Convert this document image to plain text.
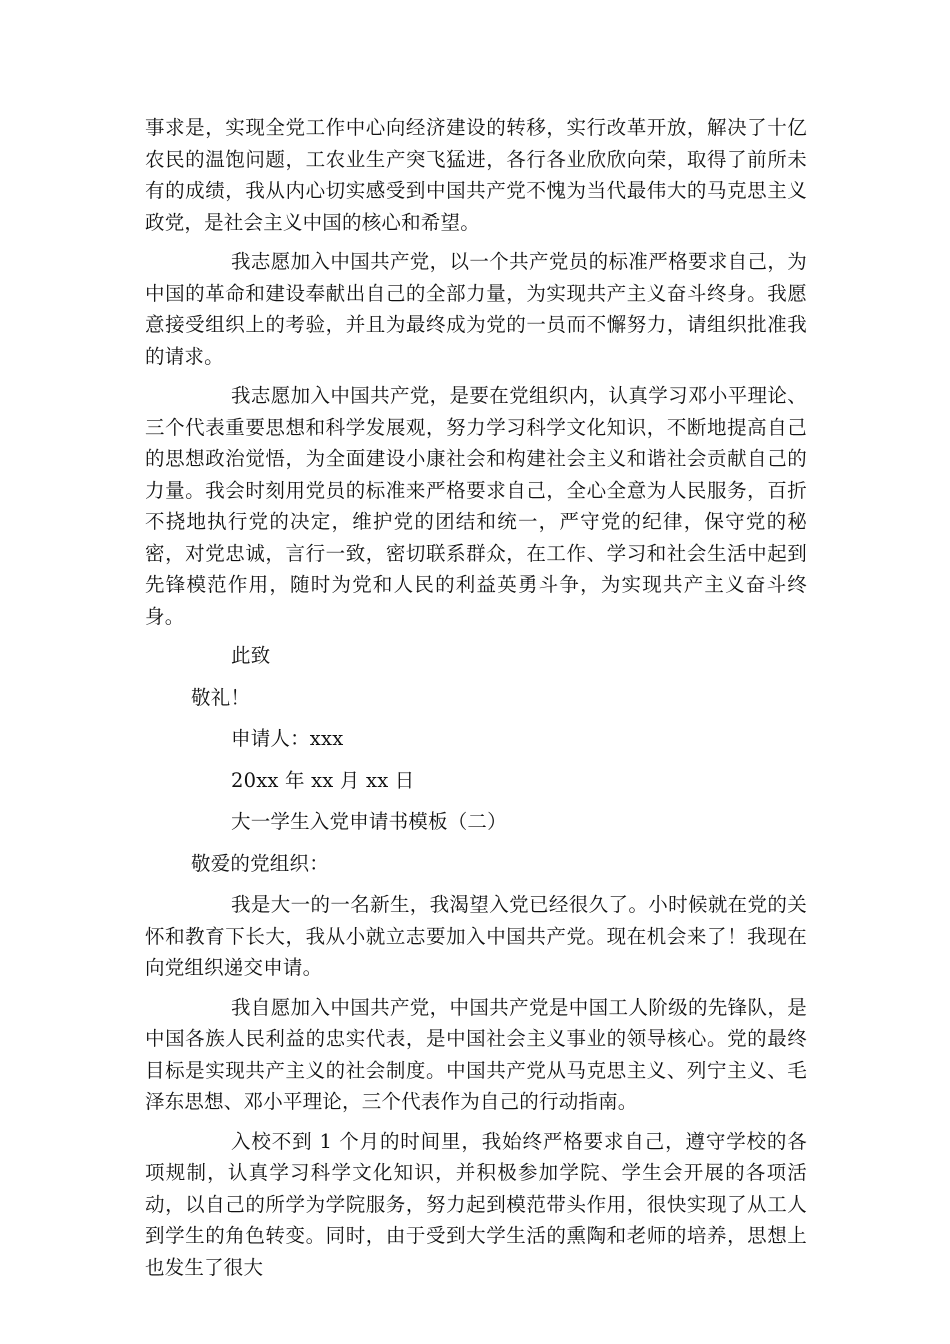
事求是，实现全党工作中心向经济建设的转移，实行改革开放，解决了十亿农民的温饱问题，工农业生产突飞猛进，各行各业欣欣向荣，取得了前所未有的成绩，我从内心切实感受到中国共产党不愧为当代最伟大的马克思主义政党，是社会主义中国的核心和希望。

我志愿加入中国共产党，以一个共产党员的标准严格要求自己，为中国的革命和建设奉献出自己的全部力量，为实现共产主义奋斗终身。我愿意接受组织上的考验，并且为最终成为党的一员而不懈努力，请组织批准我的请求。

我志愿加入中国共产党，是要在党组织内，认真学习邓小平理论、三个代表重要思想和科学发展观，努力学习科学文化知识，不断地提高自己的思想政治觉悟，为全面建设小康社会和构建社会主义和谐社会贡献自己的力量。我会时刻用党员的标准来严格要求自己，全心全意为人民服务，百折不挠地执行党的决定，维护党的团结和统一，严守党的纪律，保守党的秘密，对党忠诚，言行一致，密切联系群众，在工作、学习和社会生活中起到先锋模范作用，随时为党和人民的利益英勇斗争，为实现共产主义奋斗终身。

此致

敬礼！

申请人：xxx

20xx 年 xx 月 xx 日

大一学生入党申请书模板（二）

敬爱的党组织：

我是大一的一名新生，我渴望入党已经很久了。小时候就在党的关怀和教育下长大，我从小就立志要加入中国共产党。现在机会来了！我现在向党组织递交申请。

我自愿加入中国共产党，中国共产党是中国工人阶级的先锋队，是中国各族人民利益的忠实代表，是中国社会主义事业的领导核心。党的最终目标是实现共产主义的社会制度。中国共产党从马克思主义、列宁主义、毛泽东思想、邓小平理论，三个代表作为自己的行动指南。

入校不到 1 个月的时间里，我始终严格要求自己，遵守学校的各项规制，认真学习科学文化知识，并积极参加学院、学生会开展的各项活动，以自己的所学为学院服务，努力起到模范带头作用，很快实现了从工人到学生的角色转变。同时，由于受到大学生活的熏陶和老师的培养，思想上也发生了很大
